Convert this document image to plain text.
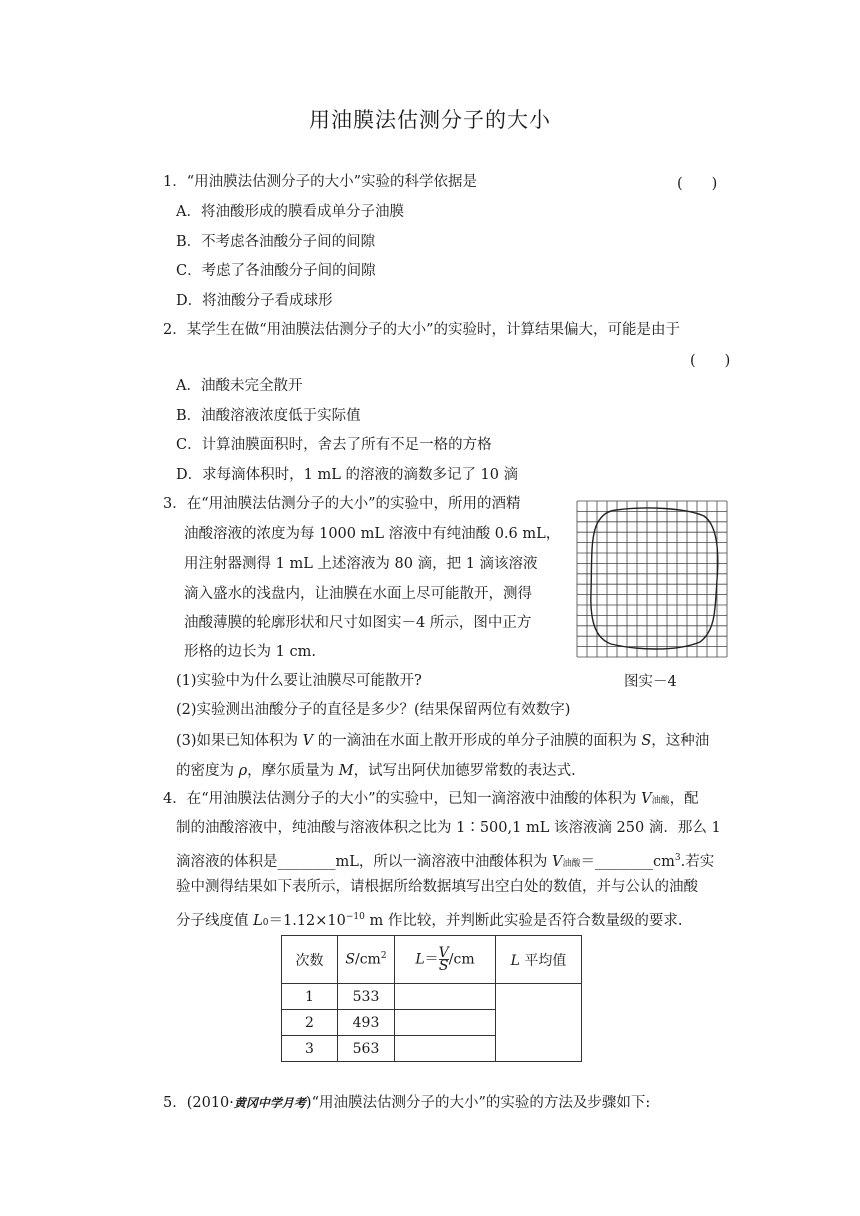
用油膜法估测分子的大小
1．“用油膜法估测分子的大小”实验的科学依据是	(　　)
A．将油酸形成的膜看成单分子油膜
B．不考虑各油酸分子间的间隙
C．考虑了各油酸分子间的间隙
D．将油酸分子看成球形
2．某学生在做“用油膜法估测分子的大小”的实验时，计算结果偏大，可能是由于
(　　)
A．油酸未完全散开
B．油酸溶液浓度低于实际值
C．计算油膜面积时，舍去了所有不足一格的方格
D．求每滴体积时，1 mL 的溶液的滴数多记了 10 滴
3．在“用油膜法估测分子的大小”的实验中，所用的酒精
油酸溶液的浓度为每 1000 mL 溶液中有纯油酸 0.6 mL，
用注射器测得 1 mL 上述溶液为 80 滴，把 1 滴该溶液
滴入盛水的浅盘内，让油膜在水面上尽可能散开，测得
油酸薄膜的轮廓形状和尺寸如图实－4 所示，图中正方
形格的边长为 1 cm.
图实－4
(1)实验中为什么要让油膜尽可能散开?
(2)实验测出油酸分子的直径是多少？(结果保留两位有效数字)
(3)如果已知体积为 V 的一滴油在水面上散开形成的单分子油膜的面积为 S，这种油
的密度为 ρ，摩尔质量为 M，试写出阿伏加德罗常数的表达式.
4．在“用油膜法估测分子的大小”的实验中，已知一滴溶液中油酸的体积为 V油酸，配
制的油酸溶液中，纯油酸与溶液体积之比为 1∶500,1 mL 该溶液滴 250 滴．那么 1
滴溶液的体积是________mL，所以一滴溶液中油酸体积为 V油酸$=\_\_\_\_\_\_\_\_cm^3$.若实
验中测得结果如下表所示，请根据所给数据填写出空白处的数值，并与公认的油酸
分子线度值 $L0=1.12\times 10^{-10}$ m 作比较，并判断此实验是否符合数量级的要求.
次数	$S/cm^2$	$L= \frac{V}{S} /cm$	L 平均值
1	533		
2	493		
3	563		
5．(2010·黄冈中学月考)“用油膜法估测分子的大小”的实验的方法及步骤如下:
